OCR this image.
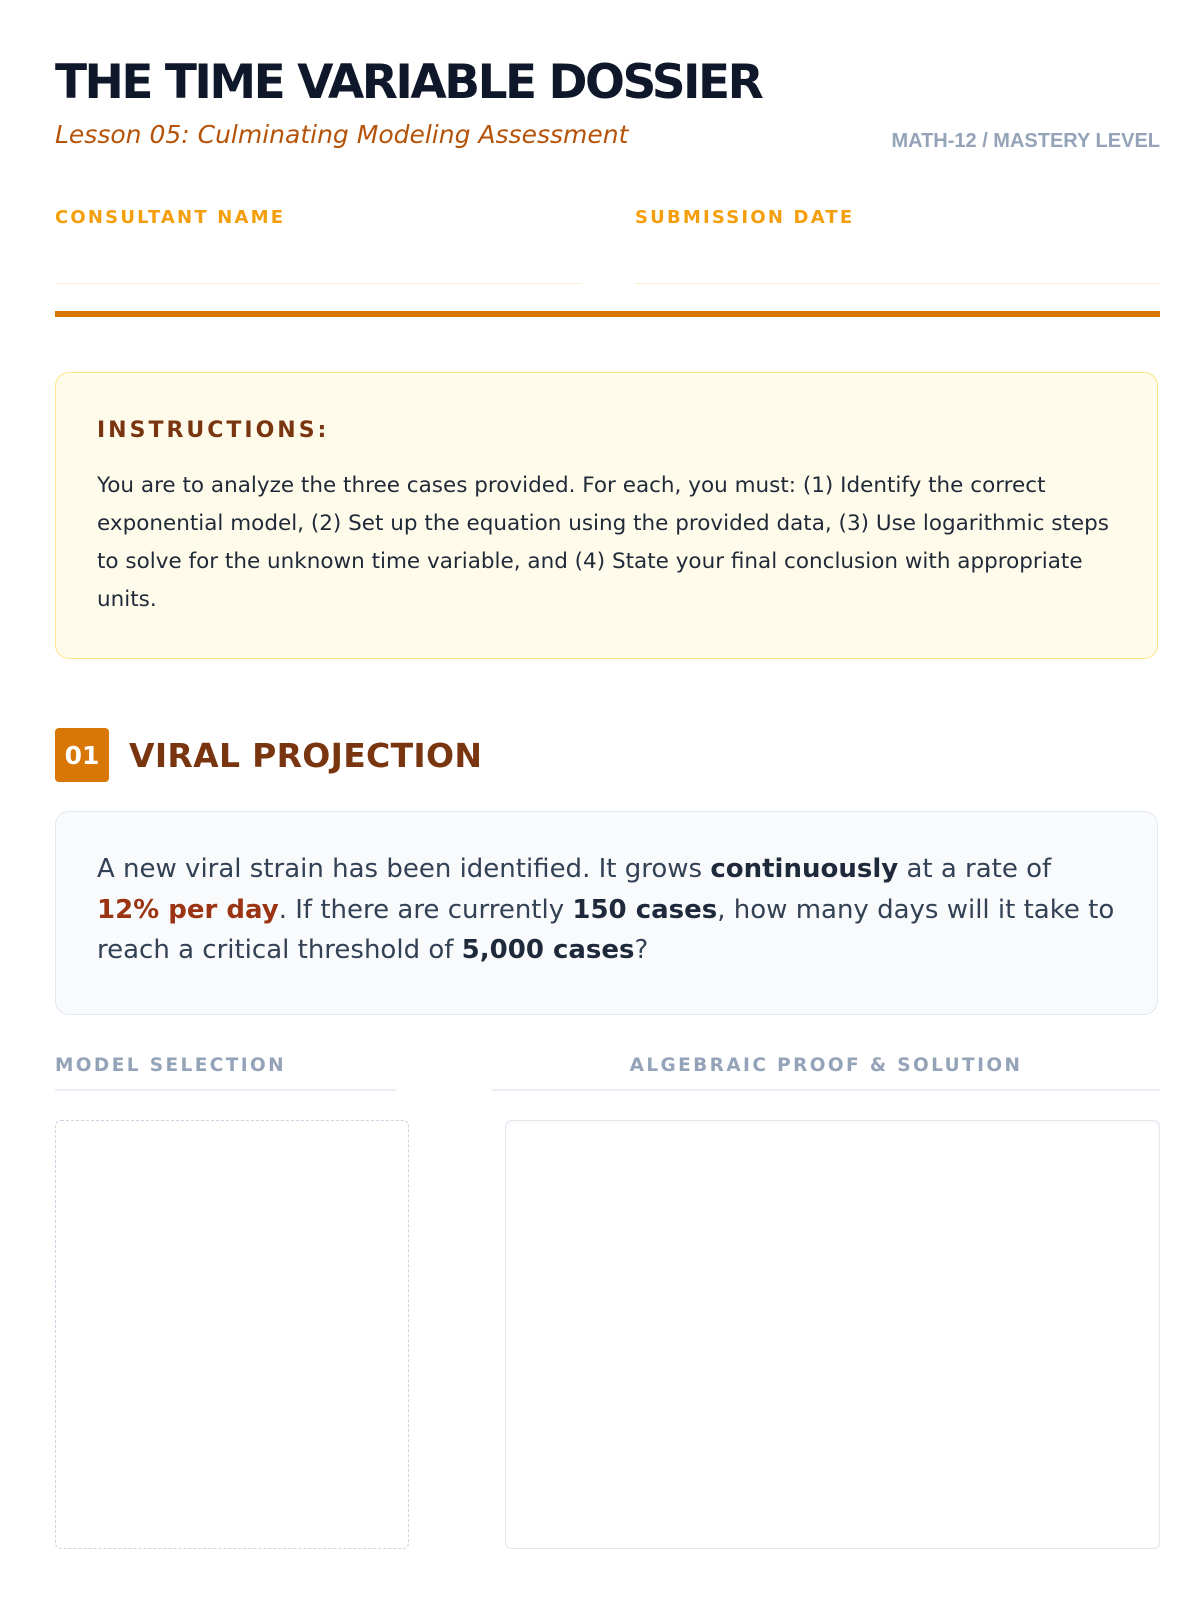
THE TIME VARIABLE DOSSIER
Lesson 05: Culminating Modeling Assessment	MATH-12 / MASTERY LEVEL
CONSULTANT NAME	SUBMISSION DATE

INSTRUCTIONS:

You are to analyze the three cases provided. For each, you must: (1) Identify the correct exponential model, (2) Set up the equation using the provided data, (3) Use logarithmic steps to solve for the unknown time variable, and (4) State your final conclusion with appropriate units.

01 VIRAL PROJECTION

A new viral strain has been identified. It grows continuously at a rate of 12% per day. If there are currently 150 cases, how many days will it take to reach a critical threshold of 5,000 cases?

MODEL SELECTION	ALGEBRAIC PROOF & SOLUTION
